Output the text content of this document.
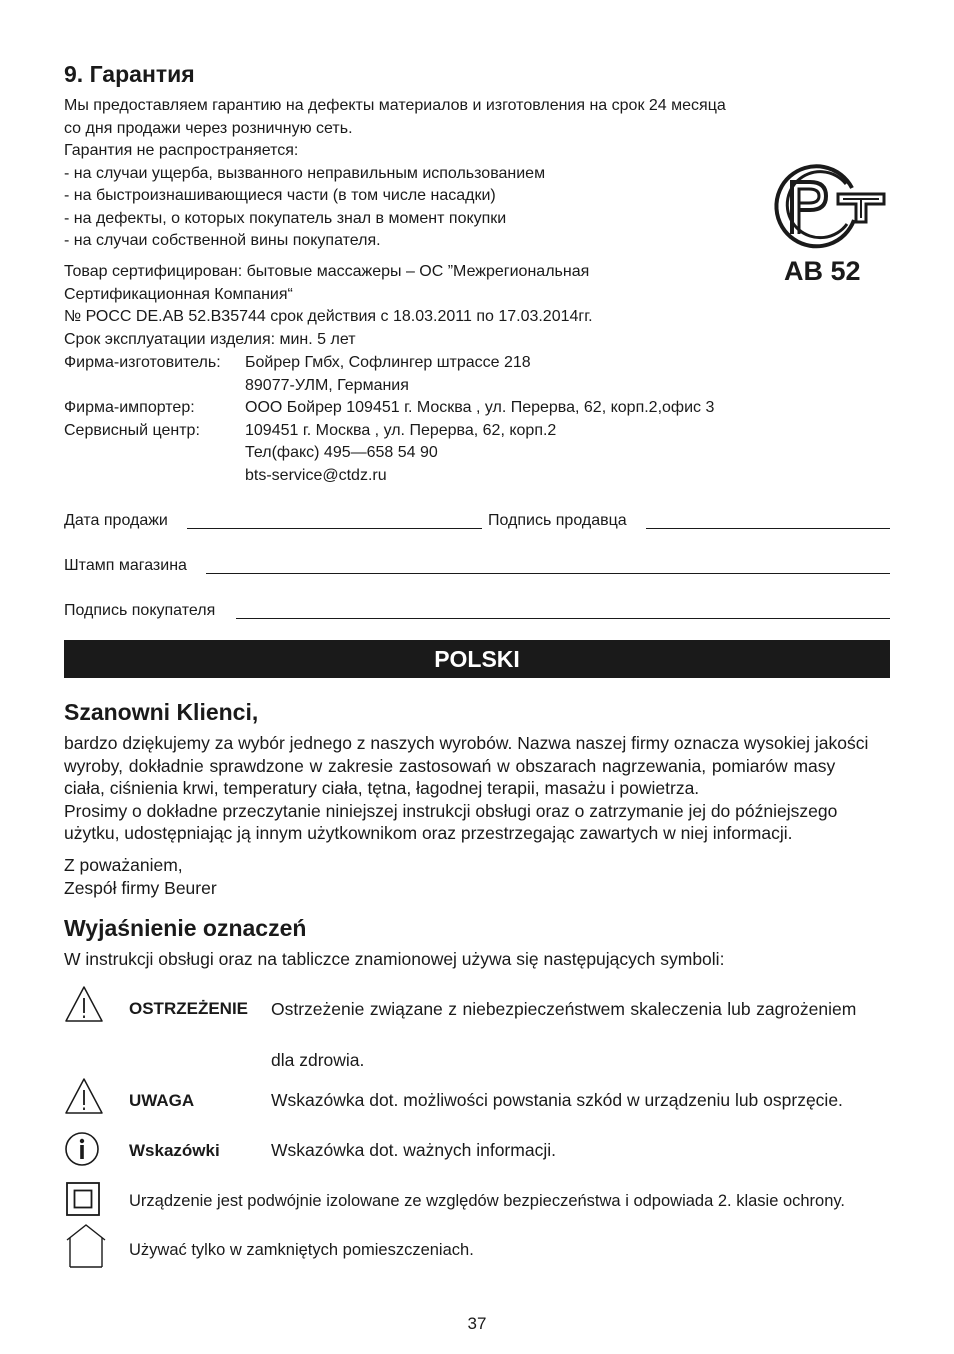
9. Гарантия
Мы предоставляем гарантию на дефекты материалов и изготовления на срок 24 месяца
со дня продажи через розничную сеть.
Гарантия не распространяется:
- на случаи ущерба, вызванного неправильным использованием
- на быстроизнашивающиеся части (в том числе насадки)
- на дефекты, о которых покупатель знал в момент покупки
- на случаи собственной вины покупателя.
AB 52
Товар сертифицирован: бытовые массажеры – ОС ”Межрегиональная
Сертификационная Компания“
№ РОСС DE.АВ 52.В35744 срок действия с 18.03.2011 по 17.03.2014гг.
Срок эксплуатации изделия: мин. 5 лет
Фирма-изготовитель:	Бойрер Гмбх, Софлингер штрассе 218
89077-УЛМ, Германия
Фирма-импортер:	ООО Бойрер 109451 г. Москва , ул. Перерва, 62, корп.2,офис 3
Сервисный центр:	109451 г. Москва , ул. Перерва, 62, корп.2
Тел(факс) 495—658 54 90
bts-service@ctdz.ru
Дата продажи	Подпись продавца
Штамп магазина
Подпись покупателя
POLSKI
Szanowni Klienci,
bardzo dziękujemy za wybór jednego z naszych wyrobów. Nazwa naszej firmy oznacza wysokiej jakości
wyroby, dokładnie sprawdzone w zakresie zastosowań w obszarach nagrzewania, pomiarów masy
ciała, ciśnienia krwi, temperatury ciała, tętna, łagodnej terapii, masażu i powietrza.
Prosimy o dokładne przeczytanie niniejszej instrukcji obsługi oraz o zatrzymanie jej do późniejszego
użytku, udostępniając ją innym użytkownikom oraz przestrzegając zawartych w niej informacji.
Z poważaniem,
Zespół firmy Beurer
Wyjaśnienie oznaczeń
W instrukcji obsługi oraz na tabliczce znamionowej używa się następujących symboli:
OSTRZEŻENIE Ostrzeżenie związane z niebezpieczeństwem skaleczenia lub zagrożeniem
dla zdrowia.
UWAGA	Wskazówka dot. możliwości powstania szkód w urządzeniu lub osprzęcie.
Wskazówki	Wskazówka dot. ważnych informacji.
Urządzenie jest podwójnie izolowane ze względów bezpieczeństwa i odpowiada 2. klasie ochrony.
Używać tylko w zamkniętych pomieszczeniach.
37
